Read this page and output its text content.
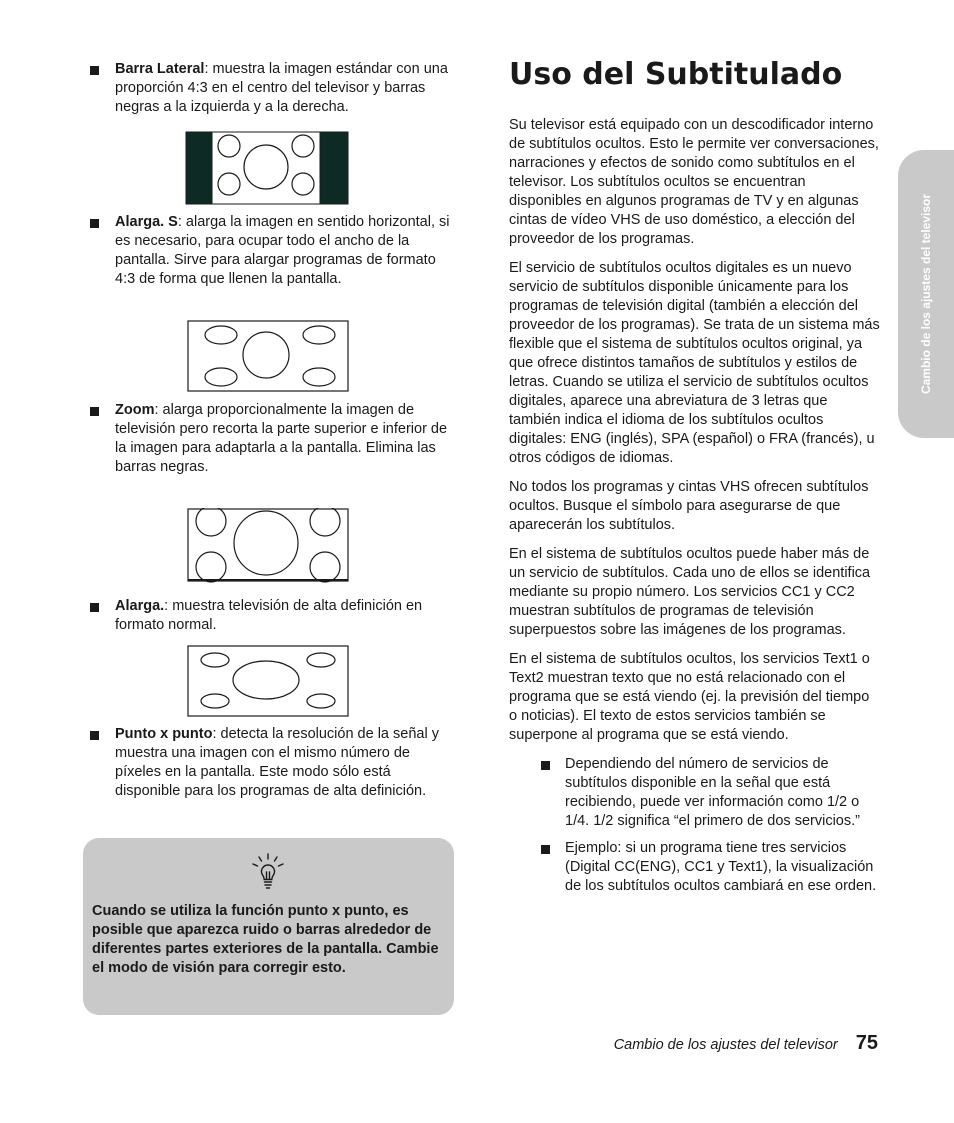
Barra Lateral: muestra la imagen estándar con una proporción 4:3 en el centro del televisor y barras negras a la izquierda y a la derecha.
Alarga. S: alarga la imagen en sentido horizontal, si es necesario, para ocupar todo el ancho de la pantalla. Sirve para alargar programas de formato 4:3 de forma que llenen la pantalla.
Zoom: alarga proporcionalmente la imagen de televisión pero recorta la parte superior e inferior de la imagen para adaptarla a la pantalla. Elimina las barras negras.
Alarga.: muestra televisión de alta definición en formato normal.
Punto x punto: detecta la resolución de la señal y muestra una imagen con el mismo número de píxeles en la pantalla. Este modo sólo está disponible para los programas de alta definición.
Cuando se utiliza la función punto x punto, es posible que aparezca ruido o barras alrededor de diferentes partes exteriores de la pantalla. Cambie el modo de visión para corregir esto.
Uso del Subtitulado

Su televisor está equipado con un descodificador interno de subtítulos ocultos. Esto le permite ver conversaciones, narraciones y efectos de sonido como subtítulos en el televisor. Los subtítulos ocultos se encuentran disponibles en algunos programas de TV y en algunas cintas de vídeo VHS de uso doméstico, a elección del proveedor de los programas.

El servicio de subtítulos ocultos digitales es un nuevo servicio de subtítulos disponible únicamente para los programas de televisión digital (también a elección del proveedor de los programas). Se trata de un sistema más flexible que el sistema de subtítulos ocultos original, ya que ofrece distintos tamaños de subtítulos y estilos de letras. Cuando se utiliza el servicio de subtítulos ocultos digitales, aparece una abreviatura de 3 letras que también indica el idioma de los subtítulos ocultos digitales: ENG (inglés), SPA (español) o FRA (francés), u otros códigos de idiomas.

No todos los programas y cintas VHS ofrecen subtítulos ocultos. Busque el símbolo para asegurarse de que aparecerán los subtítulos.

En el sistema de subtítulos ocultos puede haber más de un servicio de subtítulos. Cada uno de ellos se identifica mediante su propio número. Los servicios CC1 y CC2 muestran subtítulos de programas de televisión superpuestos sobre las imágenes de los programas.

En el sistema de subtítulos ocultos, los servicios Text1 o Text2 muestran texto que no está relacionado con el programa que se está viendo (ej. la previsión del tiempo o noticias). El texto de estos servicios también se superpone al programa que se está viendo.

Dependiendo del número de servicios de subtítulos disponible en la señal que está recibiendo, puede ver información como 1/2 o 1/4. 1/2 significa “el primero de dos servicios.”
Ejemplo: si un programa tiene tres servicios (Digital CC(ENG), CC1 y Text1), la visualización de los subtítulos ocultos cambiará en ese orden.
Cambio de los ajustes del televisor
Cambio de los ajustes del televisor 75
